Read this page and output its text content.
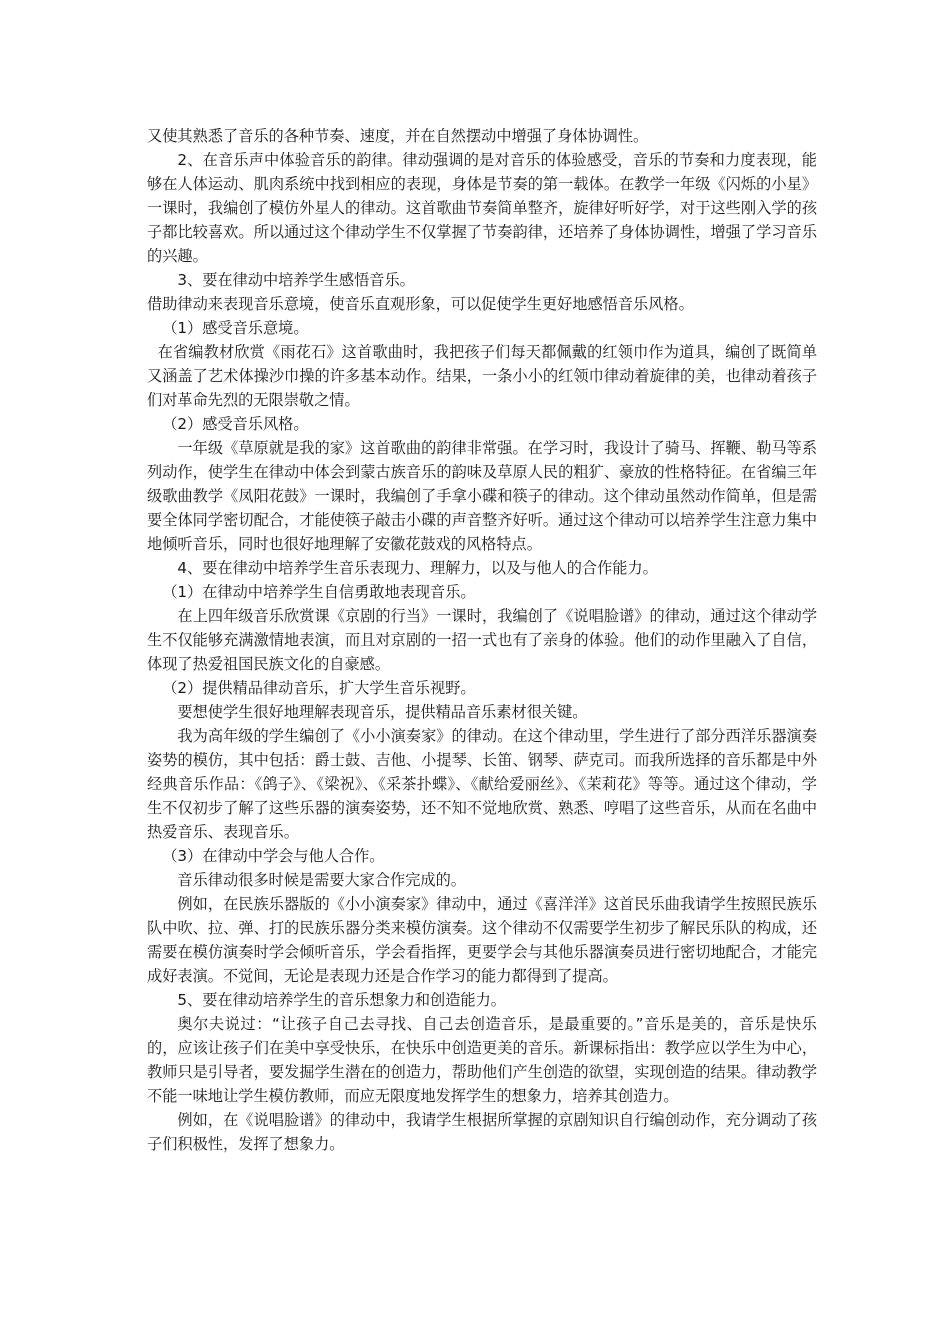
又使其熟悉了音乐的各种节奏、速度，并在自然摆动中增强了身体协调性。

2、在音乐声中体验音乐的韵律。律动强调的是对音乐的体验感受，音乐的节奏和力度表现，能够在人体运动、肌肉系统中找到相应的表现，身体是节奏的第一载体。在教学一年级《闪烁的小星》一课时，我编创了模仿外星人的律动。这首歌曲节奏简单整齐，旋律好听好学，对于这些刚入学的孩子都比较喜欢。所以通过这个律动学生不仅掌握了节奏韵律，还培养了身体协调性，增强了学习音乐的兴趣。

3、要在律动中培养学生感悟音乐。

借助律动来表现音乐意境，使音乐直观形象，可以促使学生更好地感悟音乐风格。

（1）感受音乐意境。

在省编教材欣赏《雨花石》这首歌曲时，我把孩子们每天都佩戴的红领巾作为道具，编创了既简单又涵盖了艺术体操沙巾操的许多基本动作。结果，一条小小的红领巾律动着旋律的美，也律动着孩子们对革命先烈的无限崇敬之情。

（2）感受音乐风格。

一年级《草原就是我的家》这首歌曲的韵律非常强。在学习时，我设计了骑马、挥鞭、勒马等系列动作，使学生在律动中体会到蒙古族音乐的韵味及草原人民的粗犷、豪放的性格特征。在省编三年级歌曲教学《凤阳花鼓》一课时，我编创了手拿小碟和筷子的律动。这个律动虽然动作简单，但是需要全体同学密切配合，才能使筷子敲击小碟的声音整齐好听。通过这个律动可以培养学生注意力集中地倾听音乐，同时也很好地理解了安徽花鼓戏的风格特点。

4、要在律动中培养学生音乐表现力、理解力，以及与他人的合作能力。

（1）在律动中培养学生自信勇敢地表现音乐。

在上四年级音乐欣赏课《京剧的行当》一课时，我编创了《说唱脸谱》的律动，通过这个律动学生不仅能够充满激情地表演，而且对京剧的一招一式也有了亲身的体验。他们的动作里融入了自信，体现了热爱祖国民族文化的自豪感。

（2）提供精品律动音乐，扩大学生音乐视野。

要想使学生很好地理解表现音乐，提供精品音乐素材很关键。

我为高年级的学生编创了《小小演奏家》的律动。在这个律动里，学生进行了部分西洋乐器演奏姿势的模仿，其中包括：爵士鼓、吉他、小提琴、长笛、钢琴、萨克司。而我所选择的音乐都是中外经典音乐作品：《鸽子》、《梁祝》、《采茶扑蝶》、《献给爱丽丝》、《茉莉花》等等。通过这个律动，学生不仅初步了解了这些乐器的演奏姿势，还不知不觉地欣赏、熟悉、哼唱了这些音乐，从而在名曲中热爱音乐、表现音乐。

（3）在律动中学会与他人合作。

音乐律动很多时候是需要大家合作完成的。

例如，在民族乐器版的《小小演奏家》律动中，通过《喜洋洋》这首民乐曲我请学生按照民族乐队中吹、拉、弹、打的民族乐器分类来模仿演奏。这个律动不仅需要学生初步了解民乐队的构成，还需要在模仿演奏时学会倾听音乐，学会看指挥，更要学会与其他乐器演奏员进行密切地配合，才能完成好表演。不觉间，无论是表现力还是合作学习的能力都得到了提高。

5、要在律动培养学生的音乐想象力和创造能力。

奥尔夫说过：“让孩子自己去寻找、自己去创造音乐，是最重要的。”音乐是美的，音乐是快乐的，应该让孩子们在美中享受快乐，在快乐中创造更美的音乐。新课标指出：教学应以学生为中心，教师只是引导者，要发掘学生潜在的创造力，帮助他们产生创造的欲望，实现创造的结果。律动教学不能一味地让学生模仿教师，而应无限度地发挥学生的想象力，培养其创造力。

例如，在《说唱脸谱》的律动中，我请学生根据所掌握的京剧知识自行编创动作，充分调动了孩子们积极性，发挥了想象力。
